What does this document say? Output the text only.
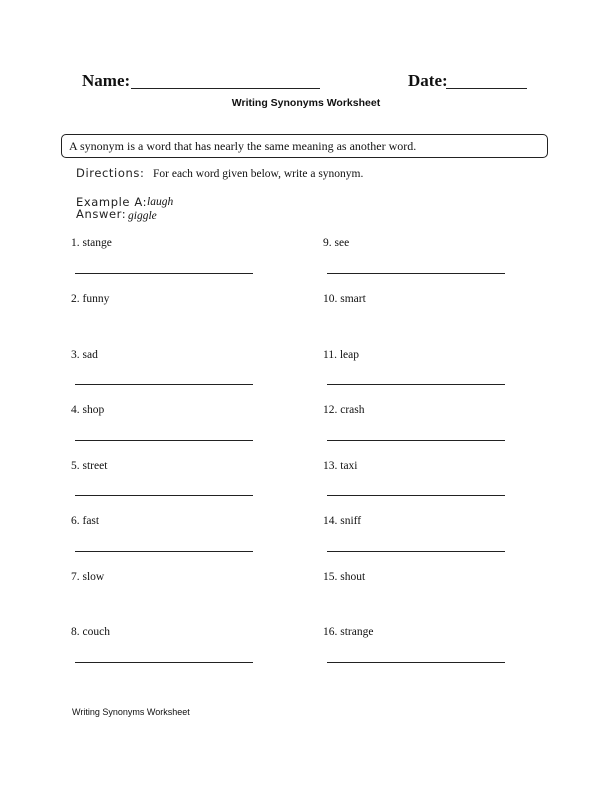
Name:	Date:
Writing Synonyms Worksheet
A synonym is a word that has nearly the same meaning as another word.
Directions: For each word given below, write a synonym.
Example A: laugh
Answer: giggle
1. stange
2. funny
3. sad
4. shop
5. street
6. fast
7. slow
8. couch
9. see
10. smart
11. leap
12. crash
13. taxi
14. sniff
15. shout
16. strange
Writing Synonyms Worksheet
